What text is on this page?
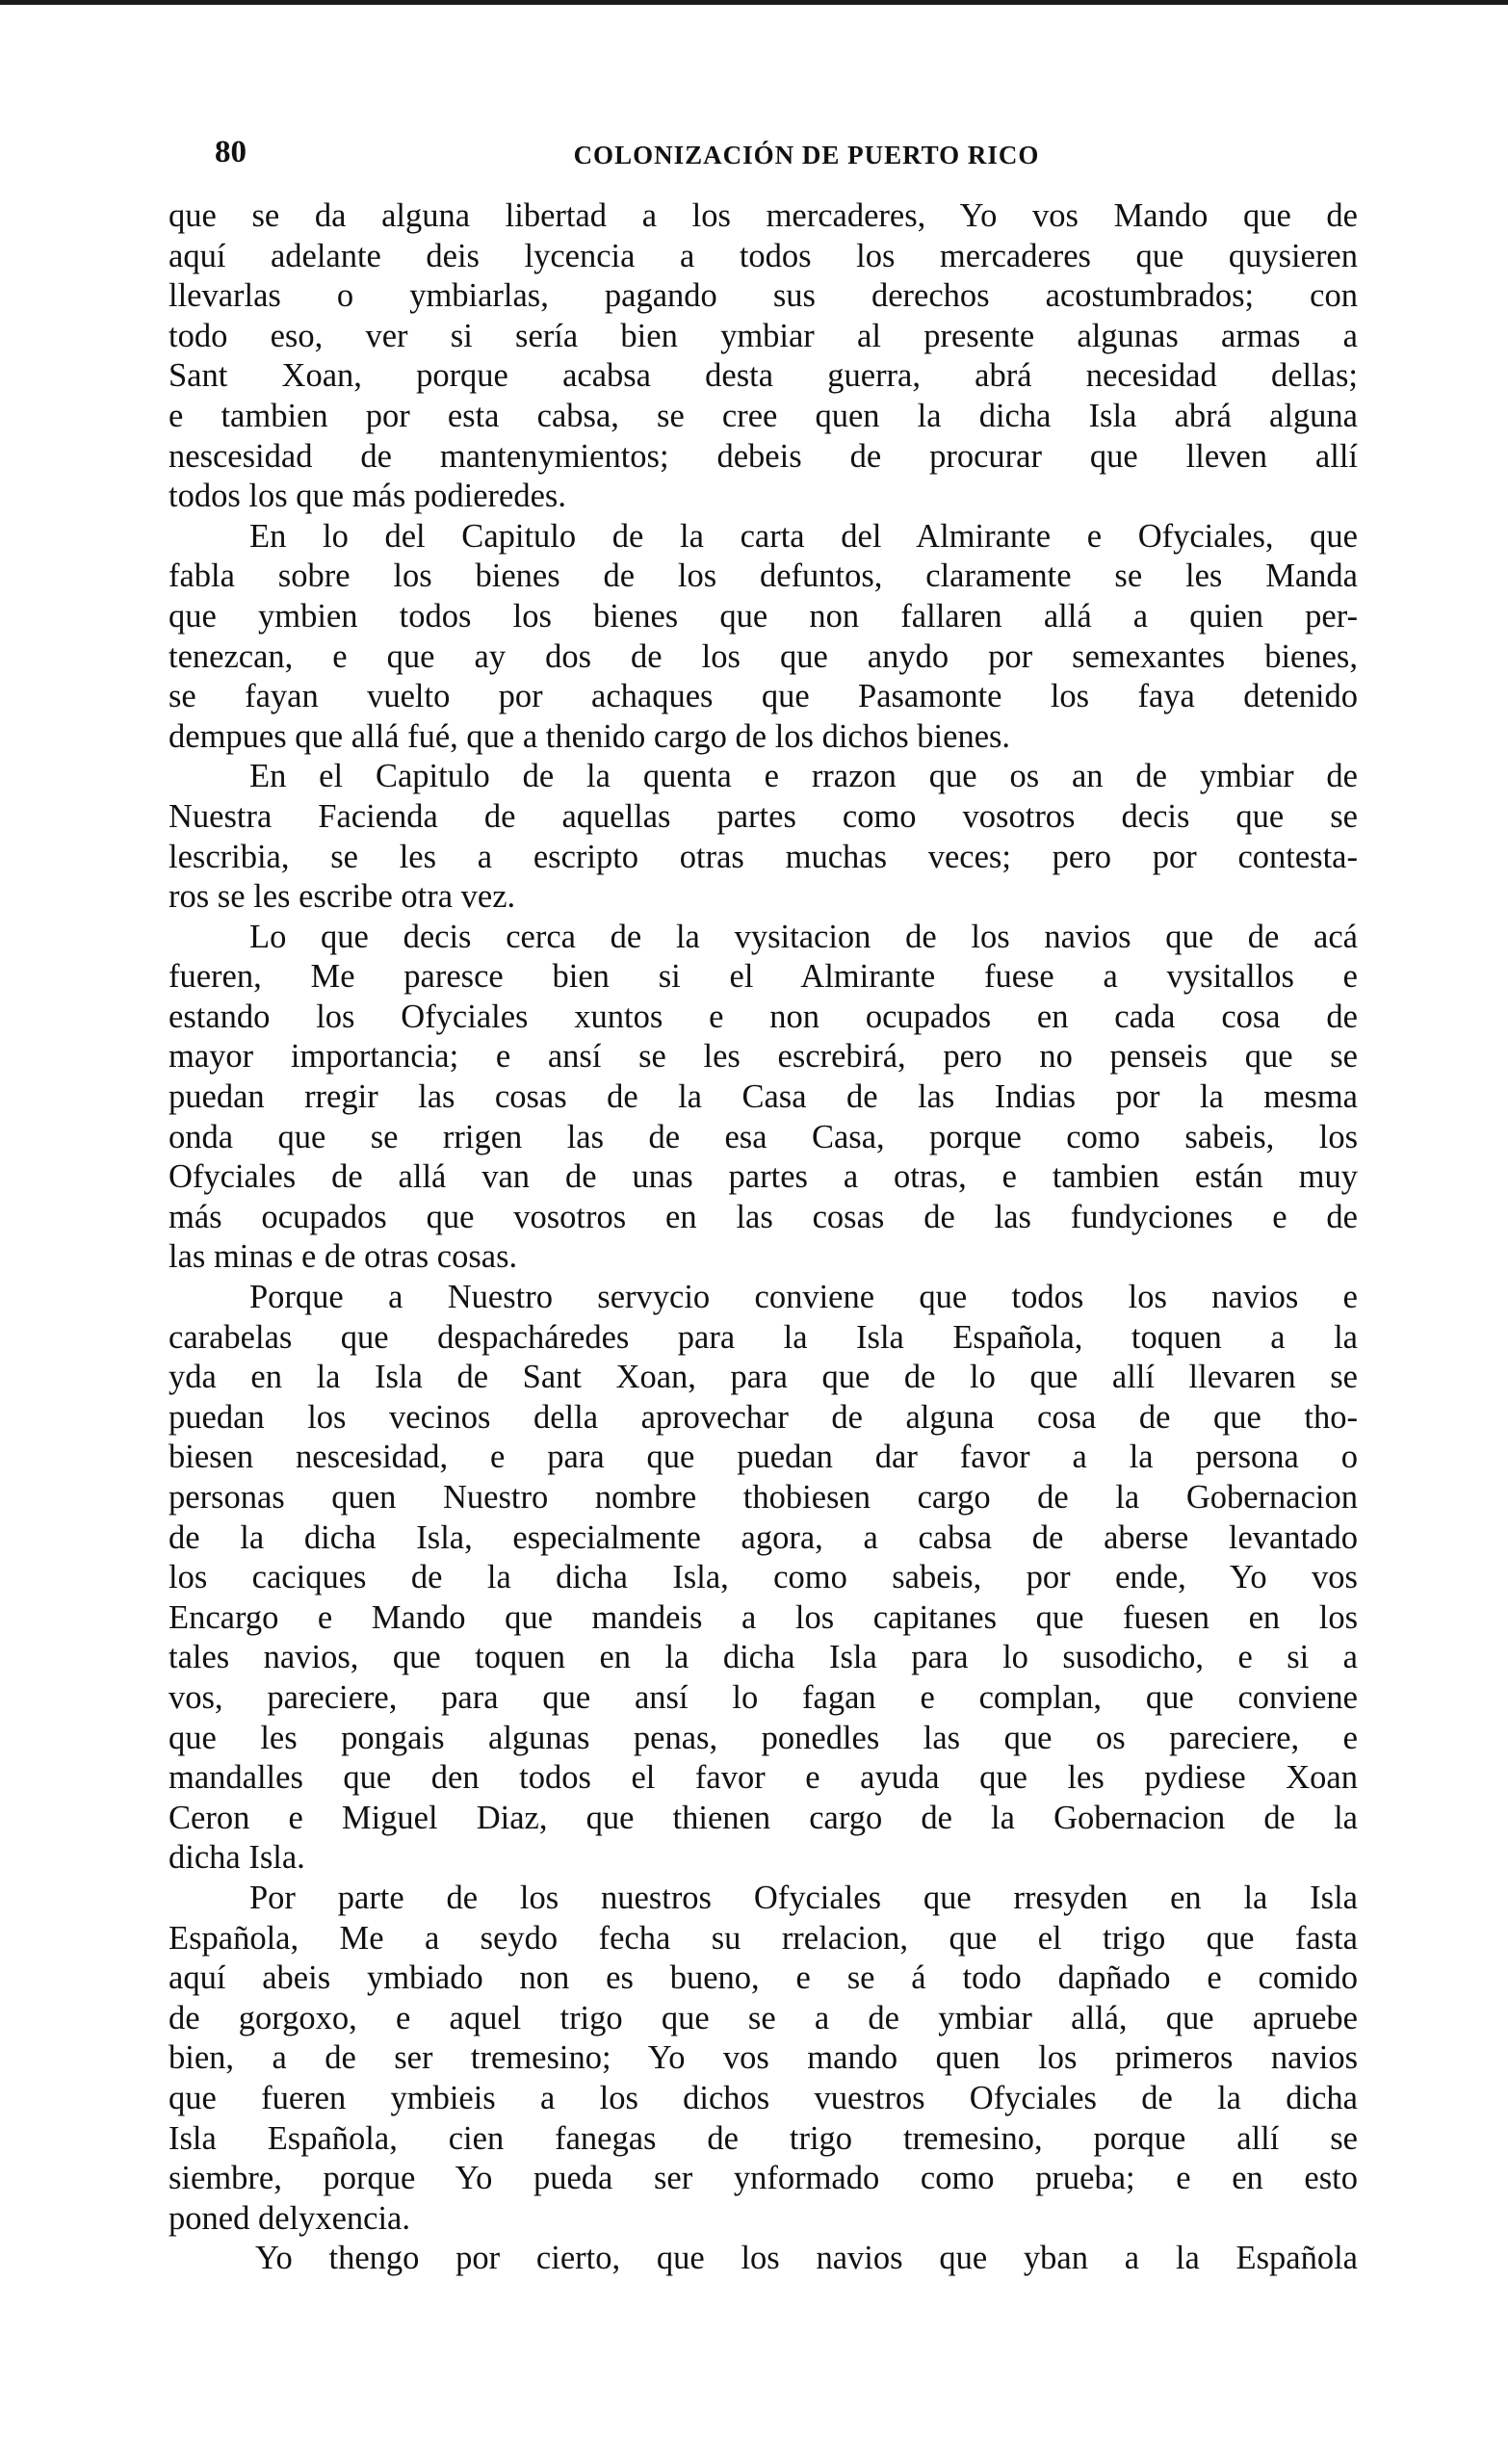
80	COLONIZACIÓN DE PUERTO RICO
que se da alguna libertad a los mercaderes, Yo vos Mando que de
aquí adelante deis lycencia a todos los mercaderes que quysieren
llevarlas o ymbiarlas, pagando sus derechos acostumbrados; con
todo eso, ver si sería bien ymbiar al presente algunas armas a
Sant Xoan, porque acabsa desta guerra, abrá necesidad dellas;
e tambien por esta cabsa, se cree quen la dicha Isla abrá alguna
nescesidad de mantenymientos; debeis de procurar que lleven allí
todos los que más podieredes.
En lo del Capitulo de la carta del Almirante e Ofyciales, que
fabla sobre los bienes de los defuntos, claramente se les Manda
que ymbien todos los bienes que non fallaren allá a quien per-
tenezcan, e que ay dos de los que anydo por semexantes bienes,
se fayan vuelto por achaques que Pasamonte los faya detenido
dempues que allá fué, que a thenido cargo de los dichos bienes.
En el Capitulo de la quenta e rrazon que os an de ymbiar de
Nuestra Faciendа de aquellas partes como vosotros decis que se
lescribia, se les a escripto otras muchas veces; pero por contesta-
ros se les escribe otra vez.
Lo que decis cerca de la vysitacion de los navios que de acá
fueren, Me paresce bien si el Almirante fuese a vysitallos e
estando los Ofyciales xuntos e non ocupados en cada cosa de
mayor importancia; e ansí se les escrebirá, pero no penseis que se
puedan rregir las cosas de la Casa de las Indias por la mesma
onda que se rrigen las de esa Casa, porque como sabeis, los
Ofyciales de allá van de unas partes a otras, e tambien están muy
más ocupados que vosotros en las cosas de las fundyciones e de
las minas e de otras cosas.
Porque a Nuestro servycio conviene que todos los navios e
carabelas que despacháredes para la Isla Española, toquen a la
yda en la Isla de Sant Xoan, para que de lo que allí llevaren se
puedan los vecinos della aprovechar de alguna cosa de que tho-
biesen nescesidad, e para que puedan dar favor a la persona o
personas quen Nuestro nombre thobiesen cargo de la Gobernacion
de la dicha Isla, especialmente agora, a cabsa de aberse levantado
los caciques de la dicha Isla, como sabeis, por ende, Yo vos
Encargo e Mando que mandeis a los capitanes que fuesen en los
tales navios, que toquen en la dicha Isla para lo susodicho, e si a
vos, pareciere, para que ansí lo fagan e complan, que conviene
que les pongais algunas penas, ponedles las que os pareciere, e
mandalles que den todos el favor e ayuda que les pydiese Xoan
Ceron e Miguel Diaz, que thienen cargo de la Gobernacion de la
dicha Isla.
Por parte de los nuestros Ofyciales que rresyden en la Isla
Española, Me a seydo fecha su rrelacion, que el trigo que fasta
aquí abeis ymbiado non es bueno, e se á todo dapñado e comido
de gorgoxo, e aquel trigo que se a de ymbiar allá, que apruebe
bien, a de ser tremesino; Yo vos mando quen los primeros navios
que fueren ymbieis a los dichos vuestros Ofyciales de la dicha
Isla Española, cien fanegas de trigo tremesino, porque allí se
siembre, porque Yo pueda ser ynformado como prueba; e en esto
poned delyxencia.
Yo thengo por cierto, que los navios que yban a la Española
